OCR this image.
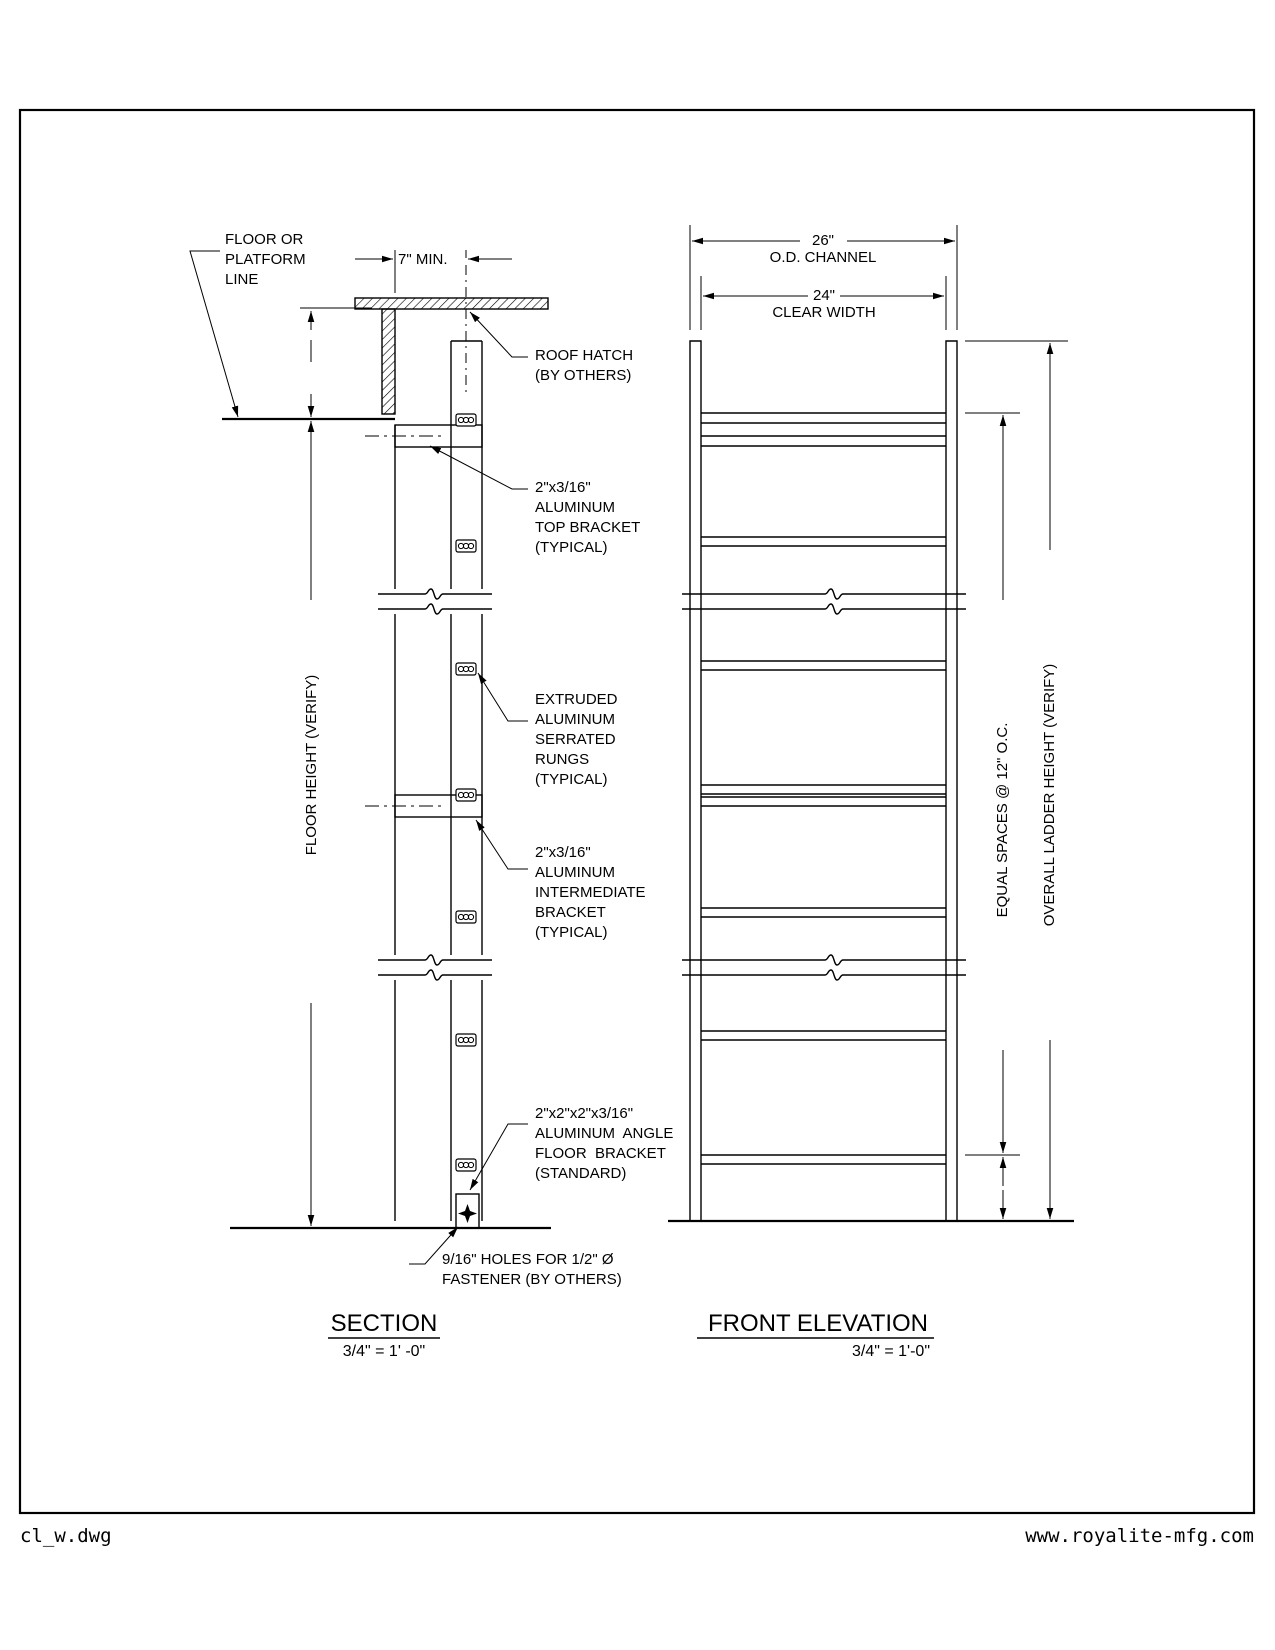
FLOOR OR
PLATFORM
LINE
7" MIN.
ROOF HATCH
(BY OTHERS)
2"x3/16"
ALUMINUM
TOP BRACKET
(TYPICAL)
EXTRUDED
ALUMINUM
SERRATED
RUNGS
(TYPICAL)
2"x3/16"
ALUMINUM
INTERMEDIATE
BRACKET
(TYPICAL)
2"x2"x2"x3/16"
ALUMINUM  ANGLE
FLOOR  BRACKET
(STANDARD)
9/16" HOLES FOR 1/2" Ø
FASTENER (BY OTHERS)
FLOOR HEIGHT (VERIFY)
SECTION
3/4" = 1' -0"
26"
O.D. CHANNEL
24"
CLEAR WIDTH
EQUAL SPACES @ 12" O.C. OVERALL LADDER HEIGHT (VERIFY)
FRONT ELEVATION
3/4" = 1'-0"
cl_w.dwg	www.royalite-mfg.com
